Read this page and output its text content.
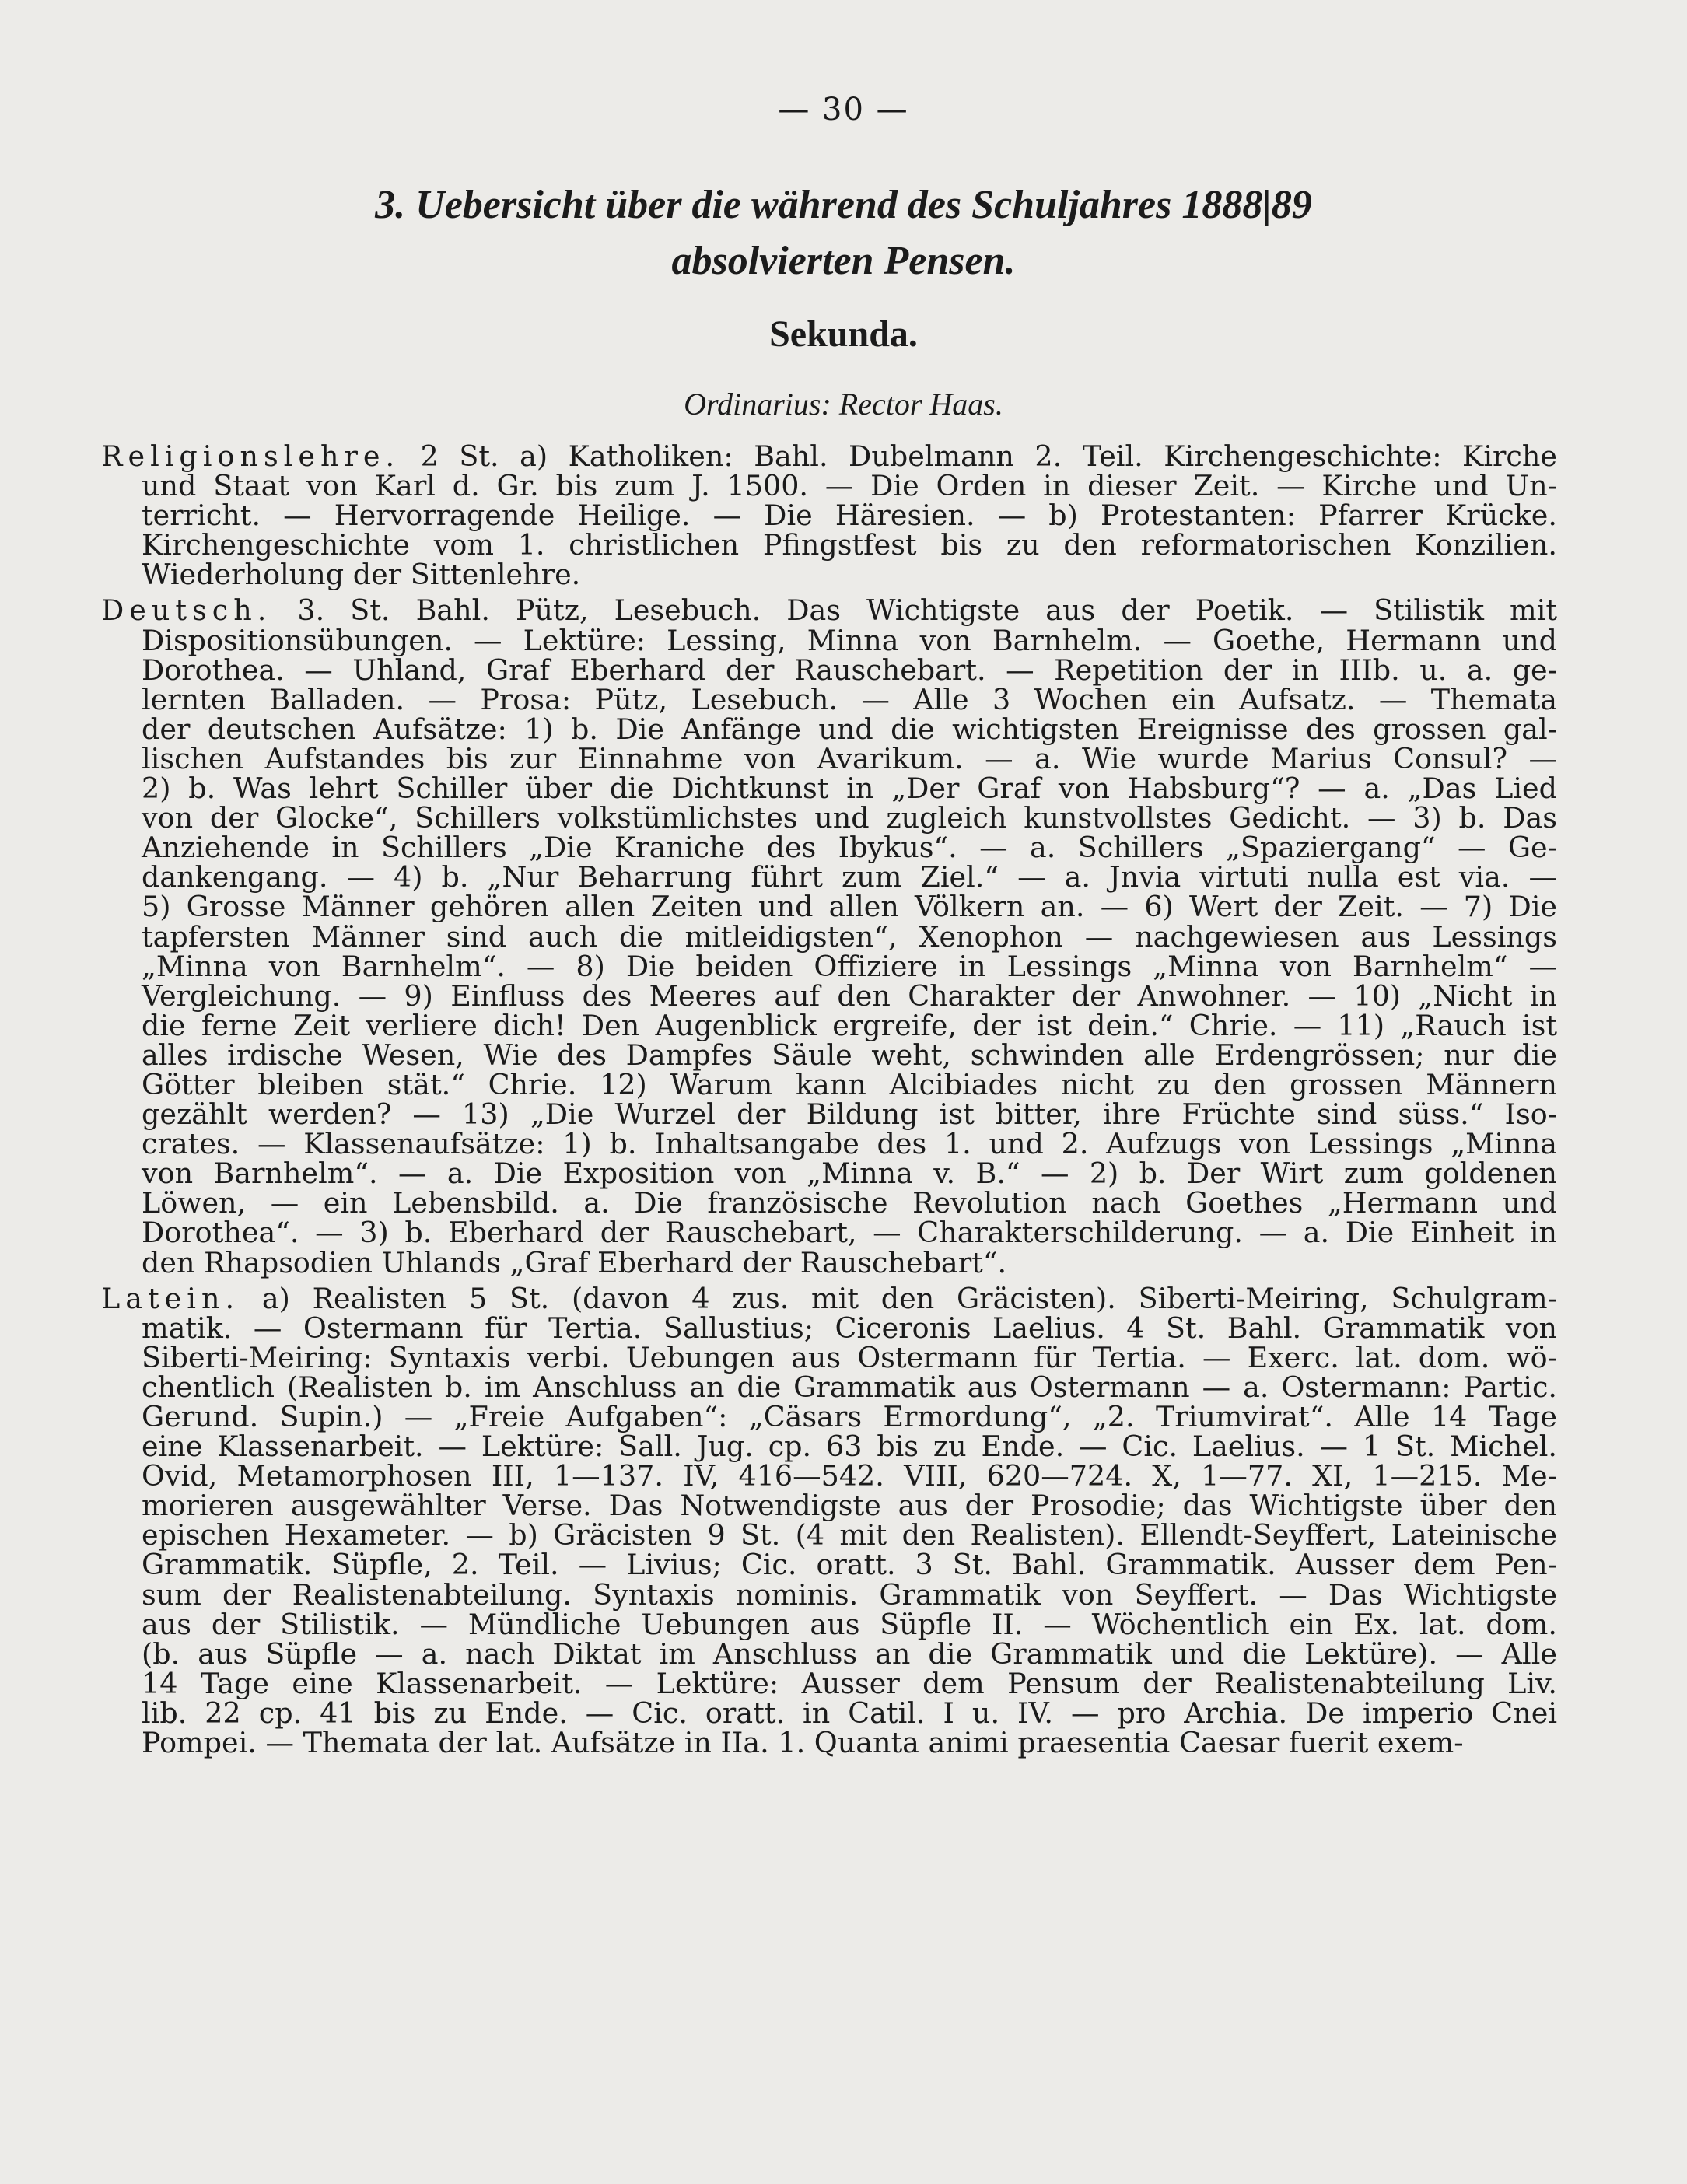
— 30 —
3. Uebersicht über die während des Schuljahres 1888|89
absolvierten Pensen.
Sekunda.
Ordinarius: Rector Haas.
Religionslehre. 2 St. a) Katholiken: Bahl. Dubelmann 2. Teil. Kirchengeschichte: Kirche
und Staat von Karl d. Gr. bis zum J. 1500. — Die Orden in dieser Zeit. — Kirche und Un-
terricht. — Hervorragende Heilige. — Die Häresien. — b) Protestanten: Pfarrer Krücke.
Kirchengeschichte vom 1. christlichen Pfingstfest bis zu den reformatorischen Konzilien.
Wiederholung der Sittenlehre.
Deutsch. 3. St. Bahl. Pütz, Lesebuch. Das Wichtigste aus der Poetik. — Stilistik mit
Dispositionsübungen. — Lektüre: Lessing, Minna von Barnhelm. — Goethe, Hermann und
Dorothea. — Uhland, Graf Eberhard der Rauschebart. — Repetition der in IIIb. u. a. ge-
lernten Balladen. — Prosa: Pütz, Lesebuch. — Alle 3 Wochen ein Aufsatz. — Themata
der deutschen Aufsätze: 1) b. Die Anfänge und die wichtigsten Ereignisse des grossen gal-
lischen Aufstandes bis zur Einnahme von Avarikum. — a. Wie wurde Marius Consul? —
2) b. Was lehrt Schiller über die Dichtkunst in „Der Graf von Habsburg“? — a. „Das Lied
von der Glocke“, Schillers volkstümlichstes und zugleich kunstvollstes Gedicht. — 3) b. Das
Anziehende in Schillers „Die Kraniche des Ibykus“. — a. Schillers „Spaziergang“ — Ge-
dankengang. — 4) b. „Nur Beharrung führt zum Ziel.“ — a. Jnvia virtuti nulla est via. —
5) Grosse Männer gehören allen Zeiten und allen Völkern an. — 6) Wert der Zeit. — 7) Die
tapfersten Männer sind auch die mitleidigsten“, Xenophon — nachgewiesen aus Lessings
„Minna von Barnhelm“. — 8) Die beiden Offiziere in Lessings „Minna von Barnhelm“ —
Vergleichung. — 9) Einfluss des Meeres auf den Charakter der Anwohner. — 10) „Nicht in
die ferne Zeit verliere dich! Den Augenblick ergreife, der ist dein.“ Chrie. — 11) „Rauch ist
alles irdische Wesen, Wie des Dampfes Säule weht, schwinden alle Erdengrössen; nur die
Götter bleiben stät.“ Chrie. 12) Warum kann Alcibiades nicht zu den grossen Männern
gezählt werden? — 13) „Die Wurzel der Bildung ist bitter, ihre Früchte sind süss.“ Iso-
crates. — Klassenaufsätze: 1) b. Inhaltsangabe des 1. und 2. Aufzugs von Lessings „Minna
von Barnhelm“. — a. Die Exposition von „Minna v. B.“ — 2) b. Der Wirt zum goldenen
Löwen, — ein Lebensbild. a. Die französische Revolution nach Goethes „Hermann und
Dorothea“. — 3) b. Eberhard der Rauschebart, — Charakterschilderung. — a. Die Einheit in
den Rhapsodien Uhlands „Graf Eberhard der Rauschebart“.
Latein. a) Realisten 5 St. (davon 4 zus. mit den Gräcisten). Siberti-Meiring, Schulgram-
matik. — Ostermann für Tertia. Sallustius; Ciceronis Laelius. 4 St. Bahl. Grammatik von
Siberti-Meiring: Syntaxis verbi. Uebungen aus Ostermann für Tertia. — Exerc. lat. dom. wö-
chentlich (Realisten b. im Anschluss an die Grammatik aus Ostermann — a. Ostermann: Partic.
Gerund. Supin.) — „Freie Aufgaben“: „Cäsars Ermordung“, „2. Triumvirat“. Alle 14 Tage
eine Klassenarbeit. — Lektüre: Sall. Jug. cp. 63 bis zu Ende. — Cic. Laelius. — 1 St. Michel.
Ovid, Metamorphosen III, 1—137. IV, 416—542. VIII, 620—724. X, 1—77. XI, 1—215. Me-
morieren ausgewählter Verse. Das Notwendigste aus der Prosodie; das Wichtigste über den
epischen Hexameter. — b) Gräcisten 9 St. (4 mit den Realisten). Ellendt-Seyffert, Lateinische
Grammatik. Süpfle, 2. Teil. — Livius; Cic. oratt. 3 St. Bahl. Grammatik. Ausser dem Pen-
sum der Realistenabteilung. Syntaxis nominis. Grammatik von Seyffert. — Das Wichtigste
aus der Stilistik. — Mündliche Uebungen aus Süpfle II. — Wöchentlich ein Ex. lat. dom.
(b. aus Süpfle — a. nach Diktat im Anschluss an die Grammatik und die Lektüre). — Alle
14 Tage eine Klassenarbeit. — Lektüre: Ausser dem Pensum der Realistenabteilung Liv.
lib. 22 cp. 41 bis zu Ende. — Cic. oratt. in Catil. I u. IV. — pro Archia. De imperio Cnei
Pompei. — Themata der lat. Aufsätze in IIa. 1. Quanta animi praesentia Caesar fuerit exem-
